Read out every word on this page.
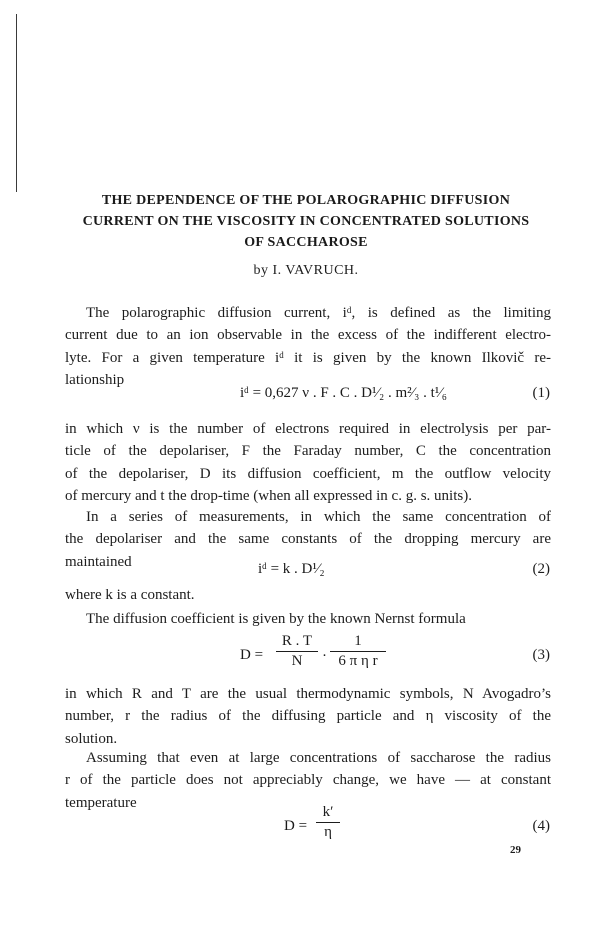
THE DEPENDENCE OF THE POLAROGRAPHIC DIFFUSION
CURRENT ON THE VISCOSITY IN CONCENTRATED SOLUTIONS
OF SACCHAROSE
by I. VAVRUCH.
The polarographic diffusion current, iᵈ, is defined as the limiting
current due to an ion observable in the excess of the indifferent electro-
lyte. For a given temperature iᵈ it is given by the known Ilkovič re-
lationship
iᵈ = 0,627 ν . F . C . D¹⁄₂ . m²⁄₃ . t¹⁄₆	(1)
in which ν is the number of electrons required in electrolysis per par-
ticle of the depolariser, F the Faraday number, C the concentration
of the depolariser, D its diffusion coefficient, m the outflow velocity
of mercury and t the drop-time (when all expressed in c. g. s. units).
In a series of measurements, in which the same concentration of
the depolariser and the same constants of the dropping mercury are
maintained	iᵈ = k . D¹⁄₂	(2)
where k is a constant.
The diffusion coefficient is given by the known Nernst formula
D =
R . T
N	·
1
6 π η r	(3)
in which R and T are the usual thermodynamic symbols, N Avogadro’s
number, r the radius of the diffusing particle and η viscosity of the
solution.
Assuming that even at large concentrations of saccharose the radius
r of the particle does not appreciably change, we have — at constant
temperature
D =
k′
η	(4)
29
